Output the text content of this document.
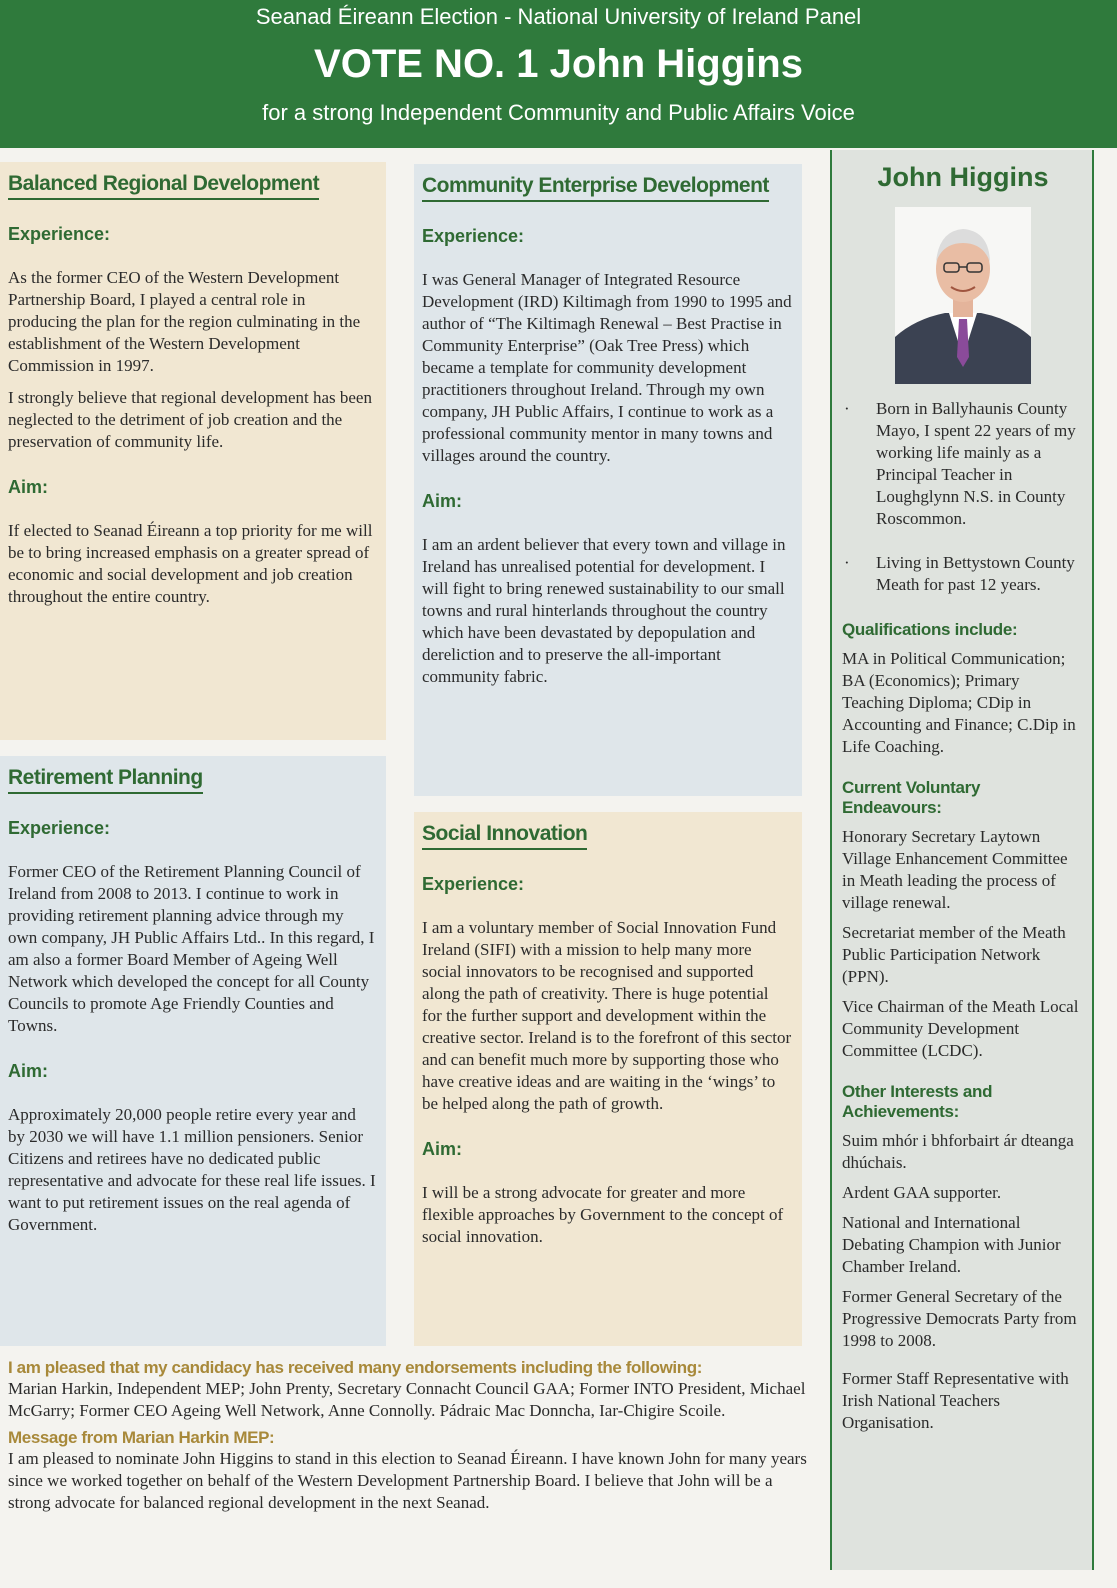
Seanad Éireann Election - National University of Ireland Panel
VOTE NO. 1 John Higgins
for a strong Independent Community and Public Affairs Voice
Balanced Regional Development
Experience:
As the former CEO of the Western Development Partnership Board, I played a central role in producing the plan for the region culminating in the establishment of the Western Development Commission in 1997.
I strongly believe that regional development has been neglected to the detriment of job creation and the preservation of community life.
Aim:
If elected to Seanad Éireann a top priority for me will be to bring increased emphasis on a greater spread of economic and social development and job creation throughout the entire country.
Community Enterprise Development
Experience:
I was General Manager of Integrated Resource Development (IRD) Kiltimagh from 1990 to 1995 and author of “The Kiltimagh Renewal – Best Practise in Community Enterprise” (Oak Tree Press) which became a template for community development practitioners throughout Ireland. Through my own company, JH Public Affairs, I continue to work as a professional community mentor in many towns and villages around the country.
Aim:
I am an ardent believer that every town and village in Ireland has unrealised potential for development. I will fight to bring renewed sustainability to our small towns and rural hinterlands throughout the country which have been devastated by depopulation and dereliction and to preserve the all-important community fabric.
Retirement Planning
Experience:
Former CEO of the Retirement Planning Council of Ireland from 2008 to 2013. I continue to work in providing retirement planning advice through my own company, JH Public Affairs Ltd.. In this regard, I am also a former Board Member of Ageing Well Network which developed the concept for all County Councils to promote Age Friendly Counties and Towns.
Aim:
Approximately 20,000 people retire every year and by 2030 we will have 1.1 million pensioners. Senior Citizens and retirees have no dedicated public representative and advocate for these real life issues. I want to put retirement issues on the real agenda of Government.
Social Innovation
Experience:
I am a voluntary member of Social Innovation Fund Ireland (SIFI) with a mission to help many more social innovators to be recognised and supported along the path of creativity. There is huge potential for the further support and development within the creative sector. Ireland is to the forefront of this sector and can benefit much more by supporting those who have creative ideas and are waiting in the ‘wings’ to be helped along the path of growth.
Aim:
I will be a strong advocate for greater and more flexible approaches by Government to the concept of social innovation.
John Higgins
·	Born in Ballyhaunis County Mayo, I spent 22 years of my working life mainly as a Principal Teacher in Loughglynn N.S. in County Roscommon.
·	Living in Bettystown County Meath for past 12 years.
Qualifications include:
MA in Political Communication; BA (Economics); Primary Teaching Diploma; CDip in Accounting and Finance; C.Dip in Life Coaching.
Current Voluntary Endeavours:
Honorary Secretary Laytown Village Enhancement Committee in Meath leading the process of village renewal.
Secretariat member of the Meath Public Participation Network (PPN).
Vice Chairman of the Meath Local Community Development Committee (LCDC).
Other Interests and Achievements:
Suim mhór i bhforbairt ár dteanga dhúchais.
Ardent GAA supporter.
National and International Debating Champion with Junior Chamber Ireland.
Former General Secretary of the Progressive Democrats Party from 1998 to 2008.
Former Staff Representative with Irish National Teachers Organisation.
I am pleased that my candidacy has received many endorsements including the following:
Marian Harkin, Independent MEP; John Prenty, Secretary Connacht Council GAA; Former INTO President, Michael McGarry; Former CEO Ageing Well Network, Anne Connolly. Pádraic Mac Donncha, Iar-Chigire Scoile.
Message from Marian Harkin MEP:
I am pleased to nominate John Higgins to stand in this election to Seanad Éireann. I have known John for many years since we worked together on behalf of the Western Development Partnership Board. I believe that John will be a strong advocate for balanced regional development in the next Seanad.
